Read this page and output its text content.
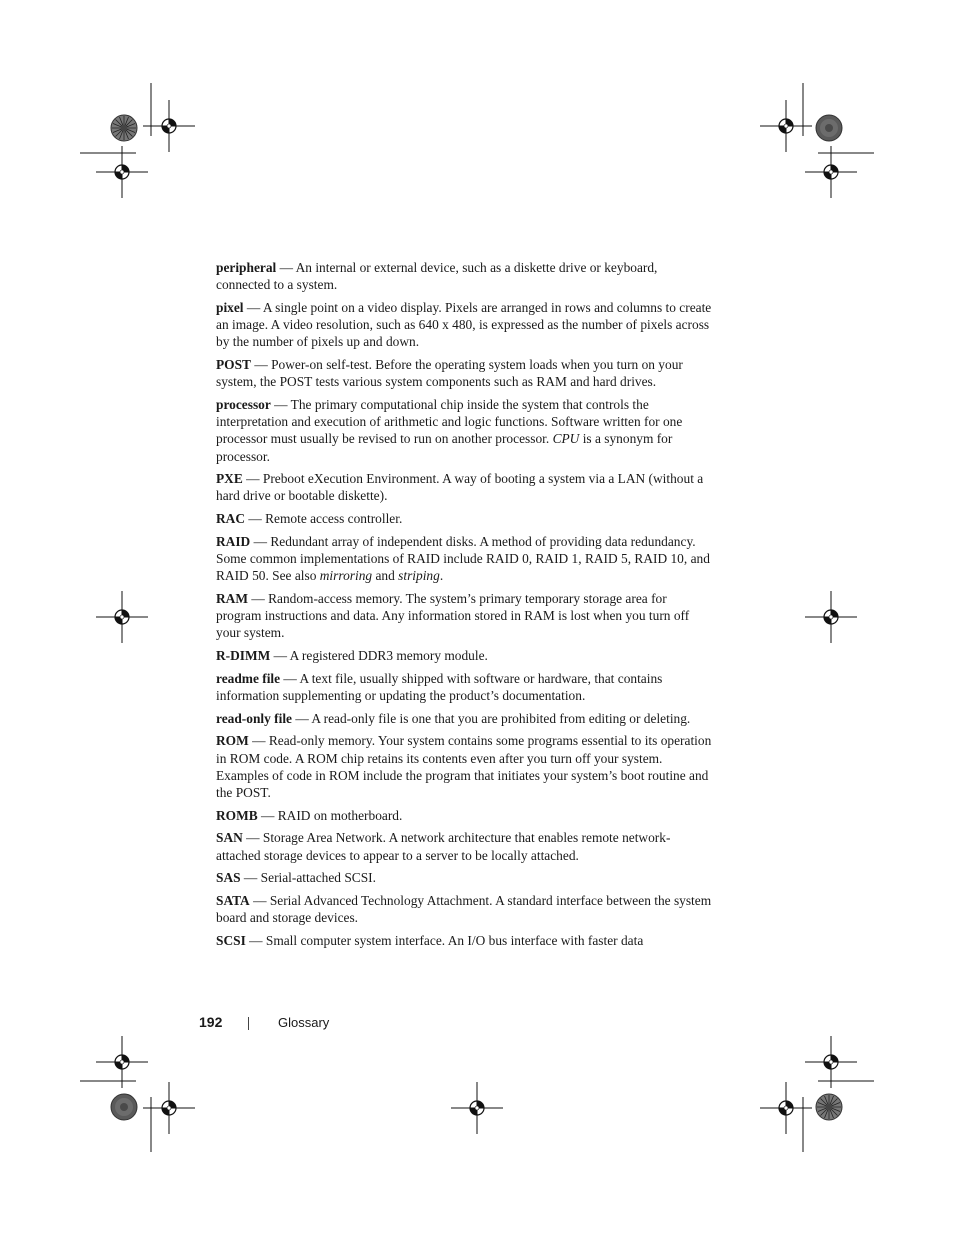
peripheral — An internal or external device, such as a diskette drive or keyboard, connected to a system.

pixel — A single point on a video display. Pixels are arranged in rows and columns to create an image. A video resolution, such as 640 x 480, is expressed as the number of pixels across by the number of pixels up and down.

POST — Power-on self-test. Before the operating system loads when you turn on your system, the POST tests various system components such as RAM and hard drives.

processor — The primary computational chip inside the system that controls the interpretation and execution of arithmetic and logic functions. Software written for one processor must usually be revised to run on another processor. CPU is a synonym for processor.

PXE — Preboot eXecution Environment. A way of booting a system via a LAN (without a hard drive or bootable diskette).

RAC — Remote access controller.

RAID — Redundant array of independent disks. A method of providing data redundancy. Some common implementations of RAID include RAID 0, RAID 1, RAID 5, RAID 10, and RAID 50. See also mirroring and striping.

RAM — Random-access memory. The system’s primary temporary storage area for program instructions and data. Any information stored in RAM is lost when you turn off your system.

R-DIMM — A registered DDR3 memory module.

readme file — A text file, usually shipped with software or hardware, that contains information supplementing or updating the product’s documentation.

read-only file — A read-only file is one that you are prohibited from editing or deleting.

ROM — Read-only memory. Your system contains some programs essential to its operation in ROM code. A ROM chip retains its contents even after you turn off your system. Examples of code in ROM include the program that initiates your system’s boot routine and the POST.

ROMB — RAID on motherboard.

SAN — Storage Area Network. A network architecture that enables remote network-attached storage devices to appear to a server to be locally attached.

SAS — Serial-attached SCSI.

SATA — Serial Advanced Technology Attachment. A standard interface between the system board and storage devices.

SCSI — Small computer system interface. An I/O bus interface with faster data

192	Glossary
